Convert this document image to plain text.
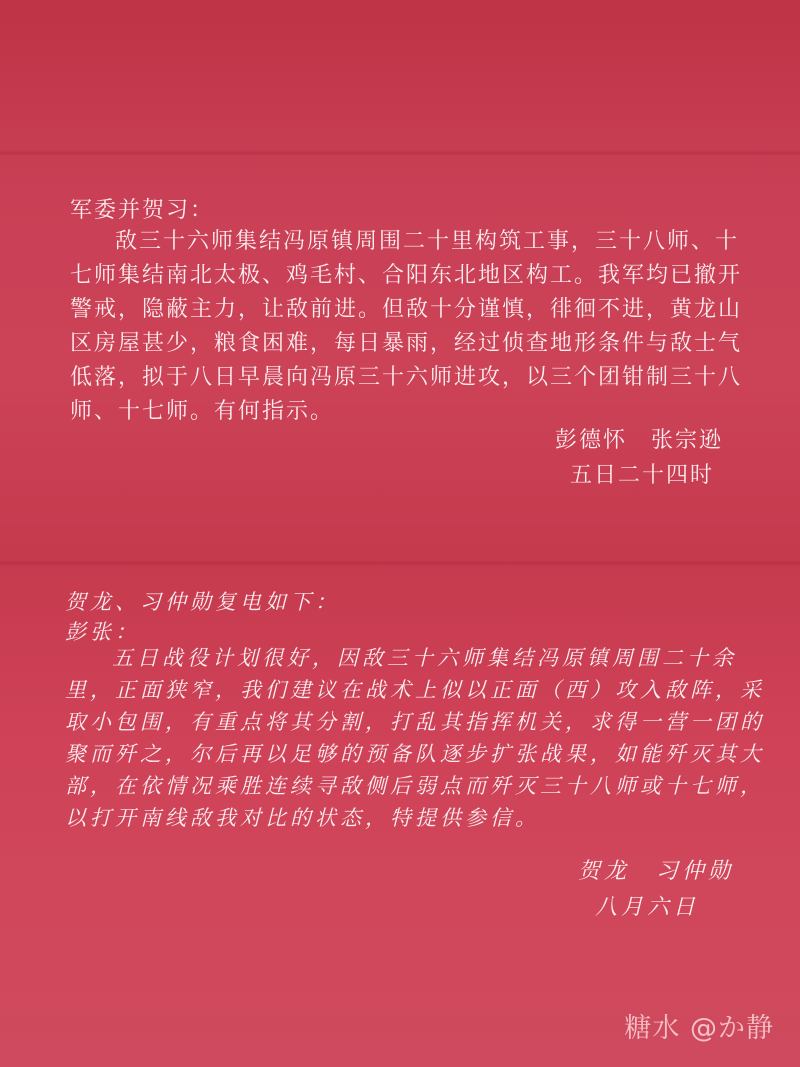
军委并贺习：
敌三十六师集结冯原镇周围二十里构筑工事，三十八师、十
七师集结南北太极、鸡毛村、合阳东北地区构工。我军均已撤开
警戒，隐蔽主力，让敌前进。但敌十分谨慎，徘徊不进，黄龙山
区房屋甚少，粮食困难，每日暴雨，经过侦查地形条件与敌士气
低落，拟于八日早晨向冯原三十六师进攻，以三个团钳制三十八
师、十七师。有何指示。
彭德怀　张宗逊
五日二十四时
贺龙、习仲勋复电如下：
彭张：
五日战役计划很好，因敌三十六师集结冯原镇周围二十余
里，正面狭窄，我们建议在战术上似以正面（西）攻入敌阵，采
取小包围，有重点将其分割，打乱其指挥机关，求得一营一团的
聚而歼之，尔后再以足够的预备队逐步扩张战果，如能歼灭其大
部，在依情况乘胜连续寻敌侧后弱点而歼灭三十八师或十七师，
以打开南线敌我对比的状态，特提供参信。
贺龙　习仲勋
八月六日
糖水 @か静
